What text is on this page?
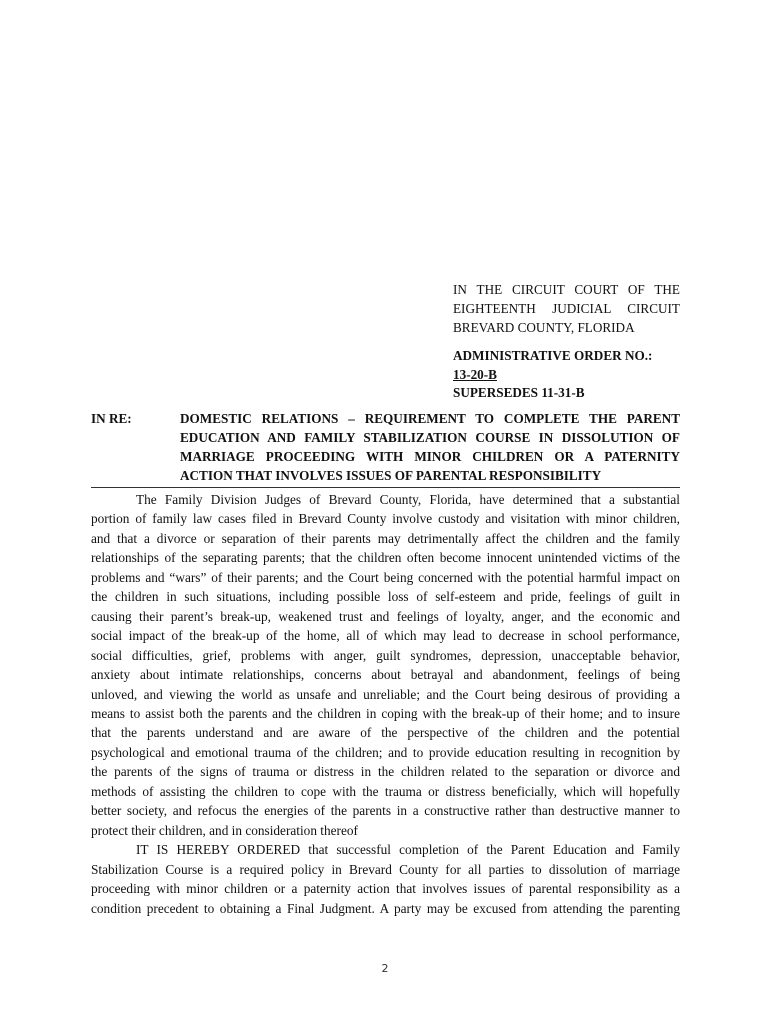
IN THE CIRCUIT COURT OF THE
EIGHTEENTH JUDICIAL CIRCUIT
BREVARD COUNTY, FLORIDA
ADMINISTRATIVE ORDER NO.:
13-20-B
SUPERSEDES 11-31-B
IN RE:	DOMESTIC RELATIONS – REQUIREMENT TO COMPLETE THE PARENT
EDUCATION AND FAMILY STABILIZATION COURSE IN DISSOLUTION OF
MARRIAGE PROCEEDING WITH MINOR CHILDREN OR A PATERNITY
ACTION THAT INVOLVES ISSUES OF PARENTAL RESPONSIBILITY
The Family Division Judges of Brevard County, Florida, have determined that a substantial
portion of family law cases filed in Brevard County involve custody and visitation with minor children,
and that a divorce or separation of their parents may detrimentally affect the children and the family
relationships of the separating parents; that the children often become innocent unintended victims of the
problems and “wars” of their parents; and the Court being concerned with the potential harmful impact on
the children in such situations, including possible loss of self-esteem and pride, feelings of guilt in
causing their parent’s break-up, weakened trust and feelings of loyalty, anger, and the economic and
social impact of the break-up of the home, all of which may lead to decrease in school performance,
social difficulties, grief, problems with anger, guilt syndromes, depression, unacceptable behavior,
anxiety about intimate relationships, concerns about betrayal and abandonment, feelings of being
unloved, and viewing the world as unsafe and unreliable; and the Court being desirous of providing a
means to assist both the parents and the children in coping with the break-up of their home; and to insure
that the parents understand and are aware of the perspective of the children and the potential
psychological and emotional trauma of the children; and to provide education resulting in recognition by
the parents of the signs of trauma or distress in the children related to the separation or divorce and
methods of assisting the children to cope with the trauma or distress beneficially, which will hopefully
better society, and refocus the energies of the parents in a constructive rather than destructive manner to
protect their children, and in consideration thereof
IT IS HEREBY ORDERED that successful completion of the Parent Education and Family
Stabilization Course is a required policy in Brevard County for all parties to dissolution of marriage
proceeding with minor children or a paternity action that involves issues of parental responsibility as a
condition precedent to obtaining a Final Judgment. A party may be excused from attending the parenting
2
